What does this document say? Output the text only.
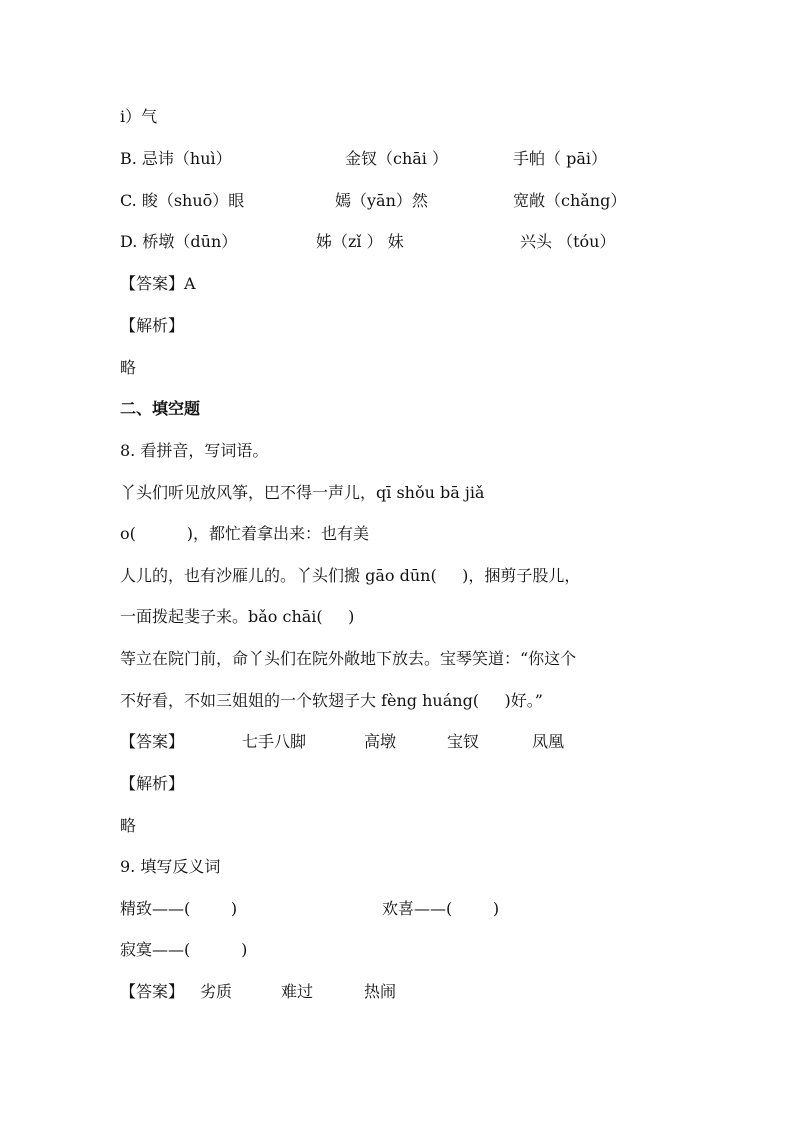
i）气
B. 忌讳（huì）	金钗（chāi ）	手帕（ pāi）
C. 睃（shuō）眼	嫣（yān）然	宽敞（chǎng）
D. 桥墩（dūn）	姊（zǐ ） 妹	兴头 （tóu）
【答案】A
【解析】
略
二、填空题
8. 看拼音，写词语。
丫头们听见放风筝，巴不得一声儿，qī shǒu bā jiǎ
o(          )，都忙着拿出来：也有美
人儿的，也有沙雁儿的。丫头们搬 gāo dūn(     )，捆剪子股儿，
一面拨起斐子来。bǎo chāi(     )
等立在院门前，命丫头们在院外敞地下放去。宝琴笑道：“你这个
不好看，不如三姐姐的一个软翅子大 fèng huáng(     )好。”
【答案】	七手八脚	高墩	宝钗	凤凰
【解析】
略
9. 填写反义词
精致——(        )	欢喜——(        )
寂寞——(          )
【答案】 劣质	难过	热闹
